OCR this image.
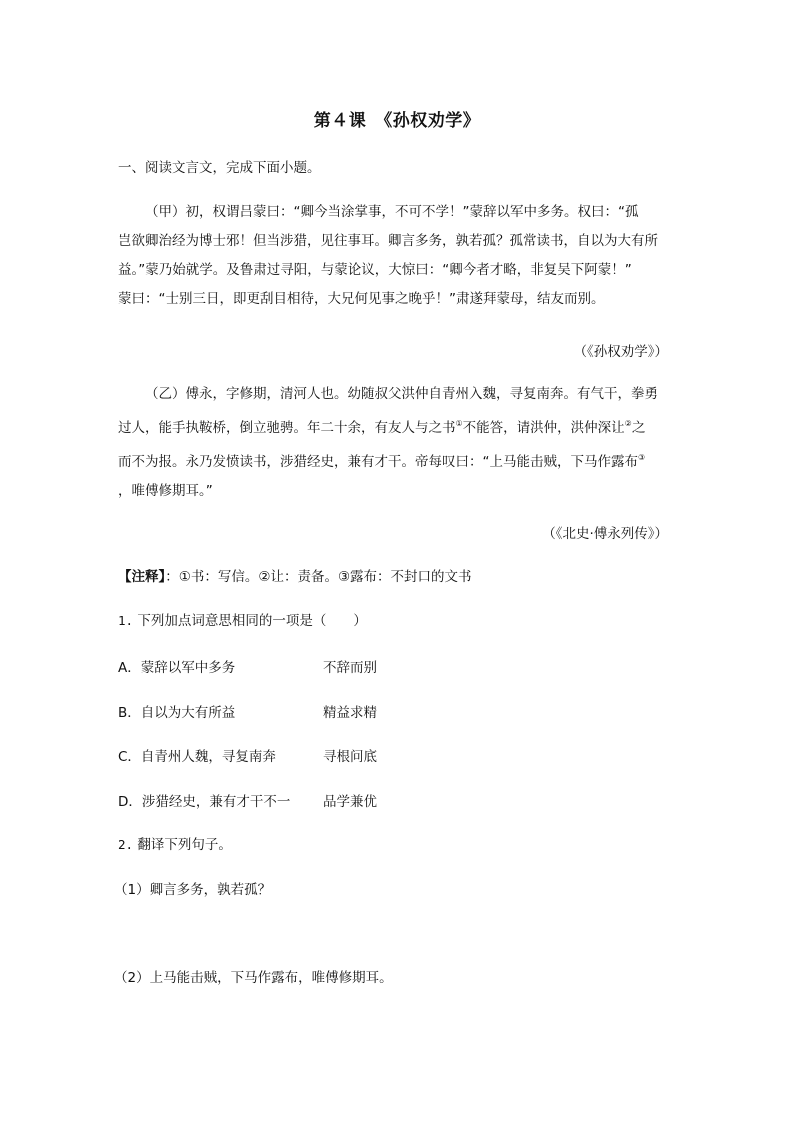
第４课　《孙权劝学》
一、阅读文言文，完成下面小题。

（甲）初，权谓吕蒙曰：“卿今当涂掌事，不可不学！”蒙辞以军中多务。权曰：“孤

岂欲卿治经为博士邪！但当涉猎，见往事耳。卿言多务，孰若孤？孤常读书，自以为大有所

益。”蒙乃始就学。及鲁肃过寻阳，与蒙论议，大惊曰：“卿今者才略，非复吴下阿蒙！”

蒙曰：“士别三日，即更刮目相待，大兄何见事之晚乎！”肃遂拜蒙母，结友而别。

（《孙权劝学》）

（乙）傅永，字修期，清河人也。幼随叔父洪仲自青州入魏，寻复南奔。有气干，拳勇

过人，能手执鞍桥，倒立驰骋。年二十余，有友人与之书①不能答，请洪仲，洪仲深让②之

而不为报。永乃发愤读书，涉猎经史，兼有才干。帝每叹曰：“上马能击贼，下马作露布③

，唯傅修期耳。”

（《北史·傅永列传》）
【注释】：①书：写信。②让：责备。③露布：不封口的文书
1. 下列加点词意思相同的一项是（　　）
A．蒙辞以军中多务	不辞而别
B．自以为大有所益	精益求精
C．自青州人魏，寻复南奔	寻根问底
D．涉猎经史，兼有才干不一 品学兼优
2. 翻译下列句子。
（1）卿言多务，孰若孤？
（2）上马能击贼，下马作露布，唯傅修期耳。
